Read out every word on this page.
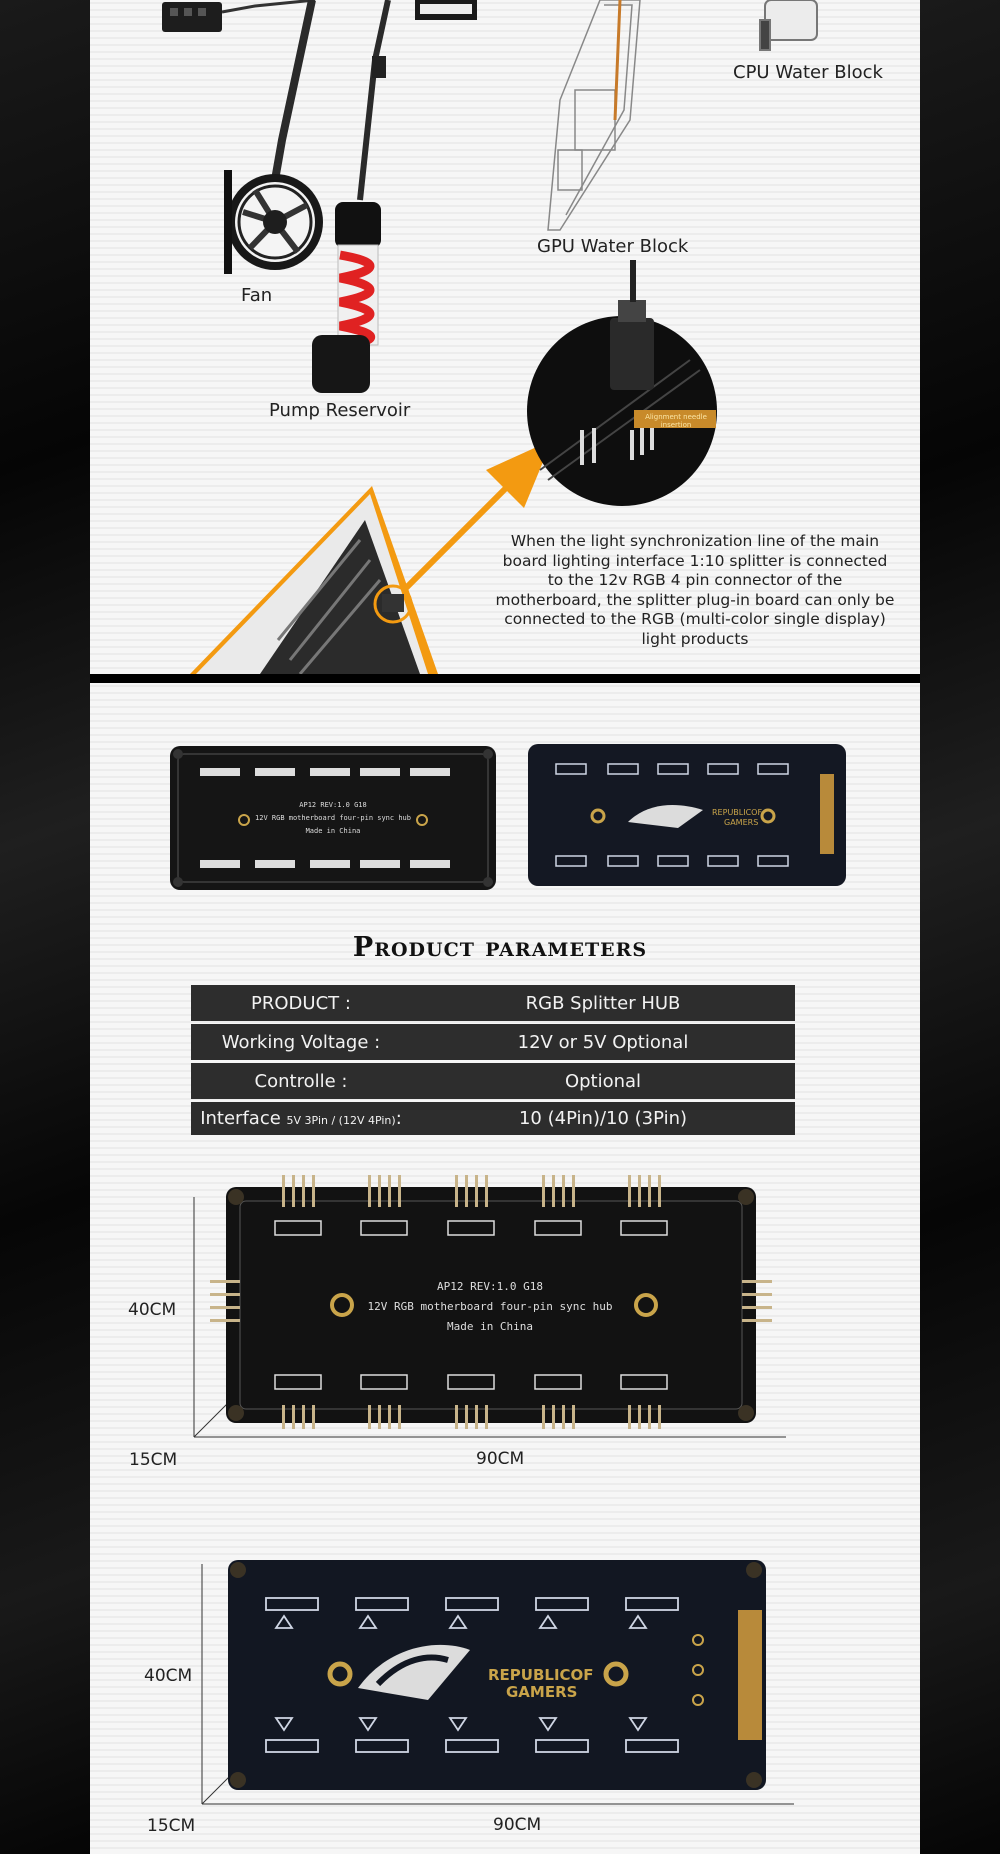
CPU Water Block
GPU Water Block
Fan
Pump Reservoir	Alignment needle insertion
When the light synchronization line of the main board lighting interface 1:10 splitter is connected to the 12v RGB 4 pin connector of the motherboard, the splitter plug-in board can only be connected to the RGB (multi-color single display) light products
AP12 REV:1.0 G18
12V RGB motherboard four-pin sync hub
Made in China
REPUBLICOF
GAMERS
Product parameters
PRODUCT :	RGB Splitter HUB
Working Voltage :	12V or 5V Optional
Controlle :	Optional
Interface 5V 3Pin / (12V 4Pin):	10 (4Pin)/10 (3Pin)
AP12 REV:1.0 G18
12V RGB motherboard four-pin sync hub
Made in China
40CM
15CM	90CM
REPUBLICOF
GAMERS
40CM
15CM	90CM
